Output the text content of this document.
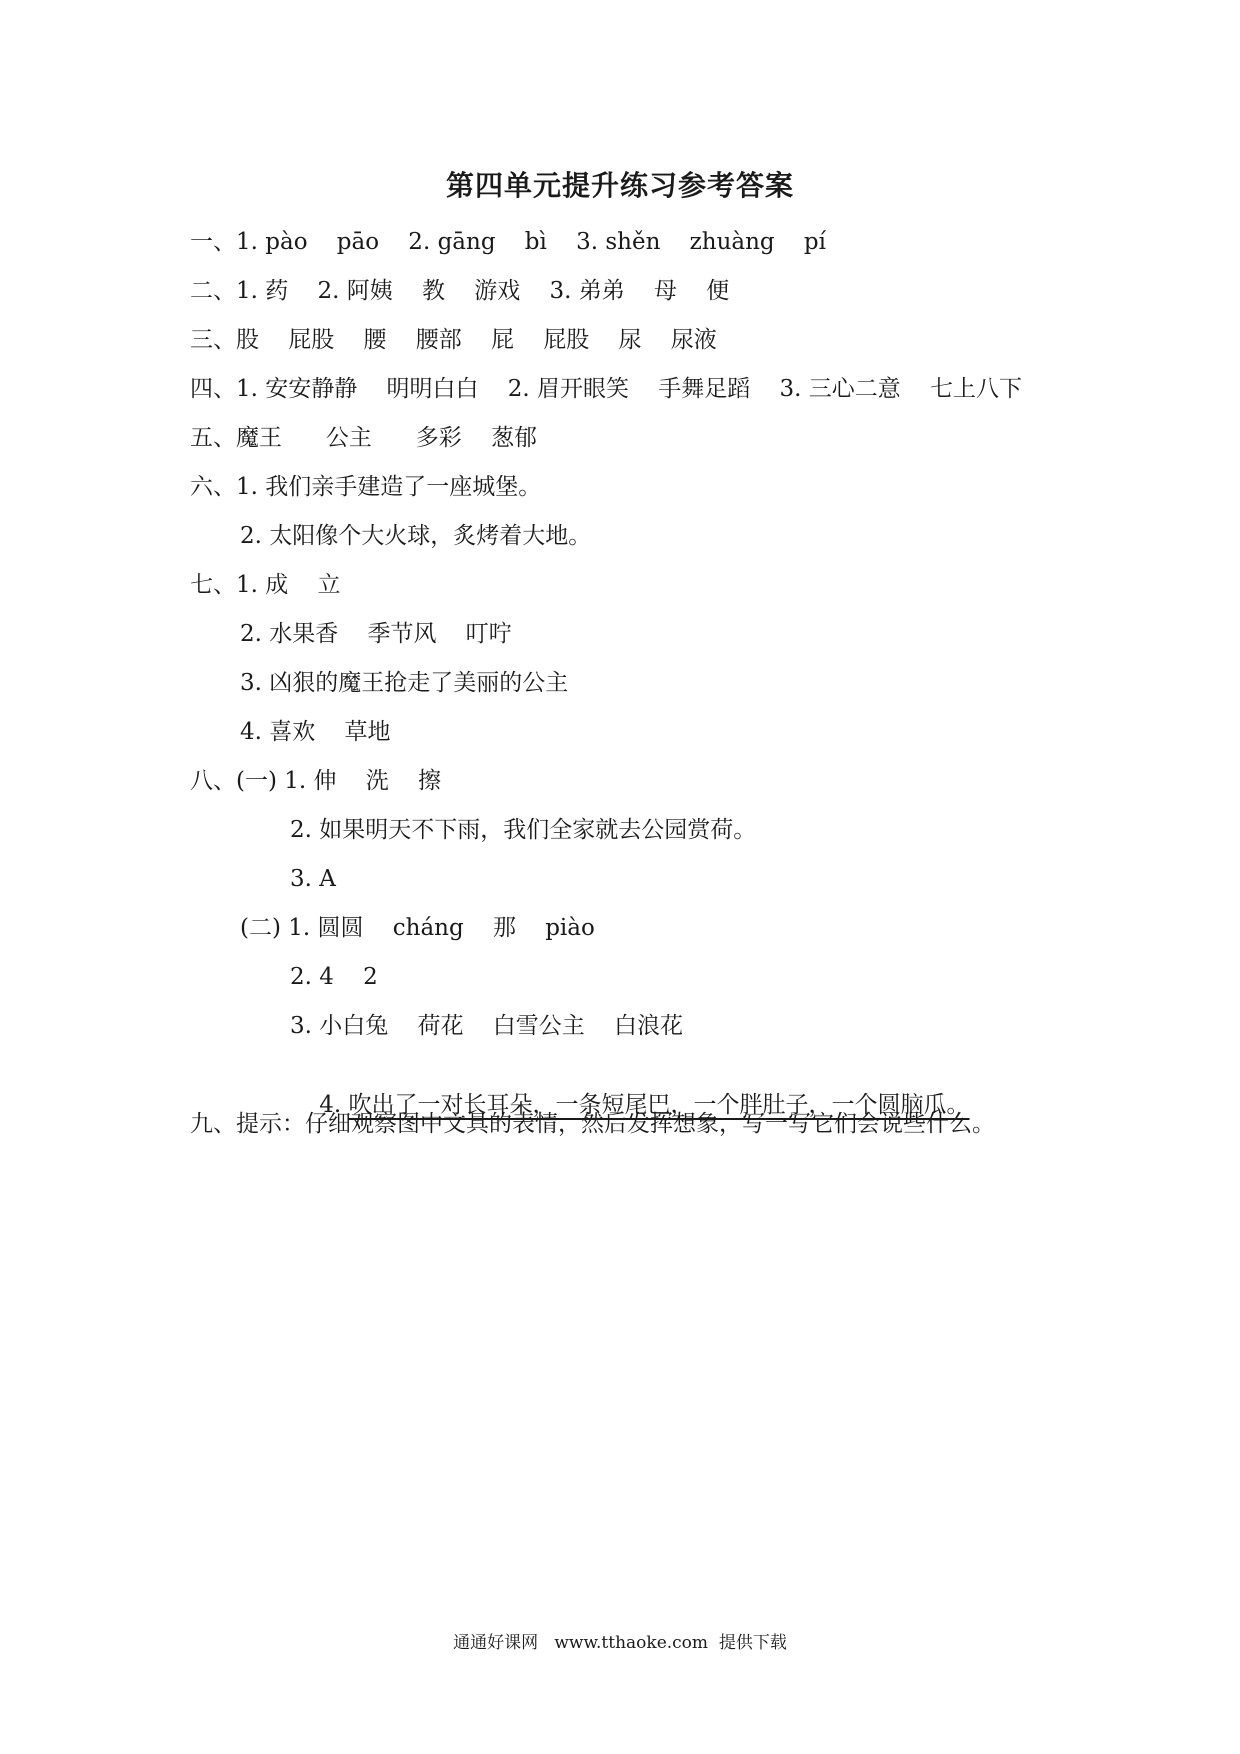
第四单元提升练习参考答案
一、1. pào    pāo    2. gāng    bì    3. shěn    zhuàng    pí
二、1. 药    2. 阿姨    教    游戏    3. 弟弟    母    便
三、股    屁股    腰    腰部    屁    屁股    尿    尿液
四、1. 安安静静    明明白白    2. 眉开眼笑    手舞足蹈    3. 三心二意    七上八下
五、魔王      公主      多彩    葱郁
六、1. 我们亲手建造了一座城堡。
2. 太阳像个大火球，炙烤着大地。
七、1. 成    立
2. 水果香    季节风    叮咛
3. 凶狠的魔王抢走了美丽的公主
4. 喜欢    草地
八、(一) 1. 伸    洗    擦
2. 如果明天不下雨，我们全家就去公园赏荷。
3. A
(二) 1. 圆圆    cháng    那    piào
2. 4    2
3. 小白兔    荷花    白雪公主    白浪花

4. 吹出了一对长耳朵，一条短尾巴，一个胖肚子，一个圆脑瓜。

九、提示：仔细观察图中文具的表情，然后发挥想象，写一写它们会说些什么。
通通好课网   www.tthaoke.com  提供下载
